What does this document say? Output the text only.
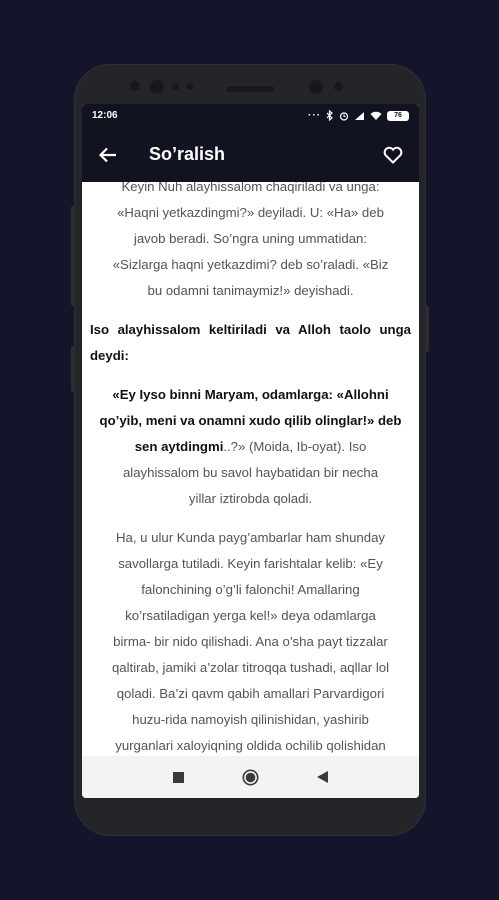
12:06	···	76
So’ralish

Keyin Nuh alayhissalom chaqiriladi va unga:

«Haqni yetkazdingmi?» deyiladi. U: «Ha» deb

javob beradi. So’ngra uning ummatidan:

«Sizlarga haqni yetkazdimi? deb so’raladi. «Biz

bu odamni tanimaymiz!» deyishadi.

Iso alayhissalom keltiriladi va Alloh taolo unga deydi:

«Ey Iyso binni Maryam, odamlarga: «Allohni

qo’yib, meni va onamni xudo qilib olinglar!» deb

sen aytdingmi..?» (Moida, Ib-oyat). Iso

alayhissalom bu savol haybatidan bir necha

yillar iztirobda qoladi.

Ha, u ulur Kunda payg’ambarlar ham shunday

savollarga tutiladi. Keyin farishtalar kelib: «Ey

falonchining o’g’li falonchi! Amallaring

ko’rsatiladigan yerga kel!» deya odamlarga

birma- bir nido qilishadi. Ana o’sha payt tizzalar

qaltirab, jamiki a’zolar titroqqa tushadi, aqllar lol

qoladi. Ba’zi qavm qabih amallari Parvardigori

huzu-rida namoyish qilinishidan, yashirib

yurganlari xaloyiqning oldida ochilib qolishidan
